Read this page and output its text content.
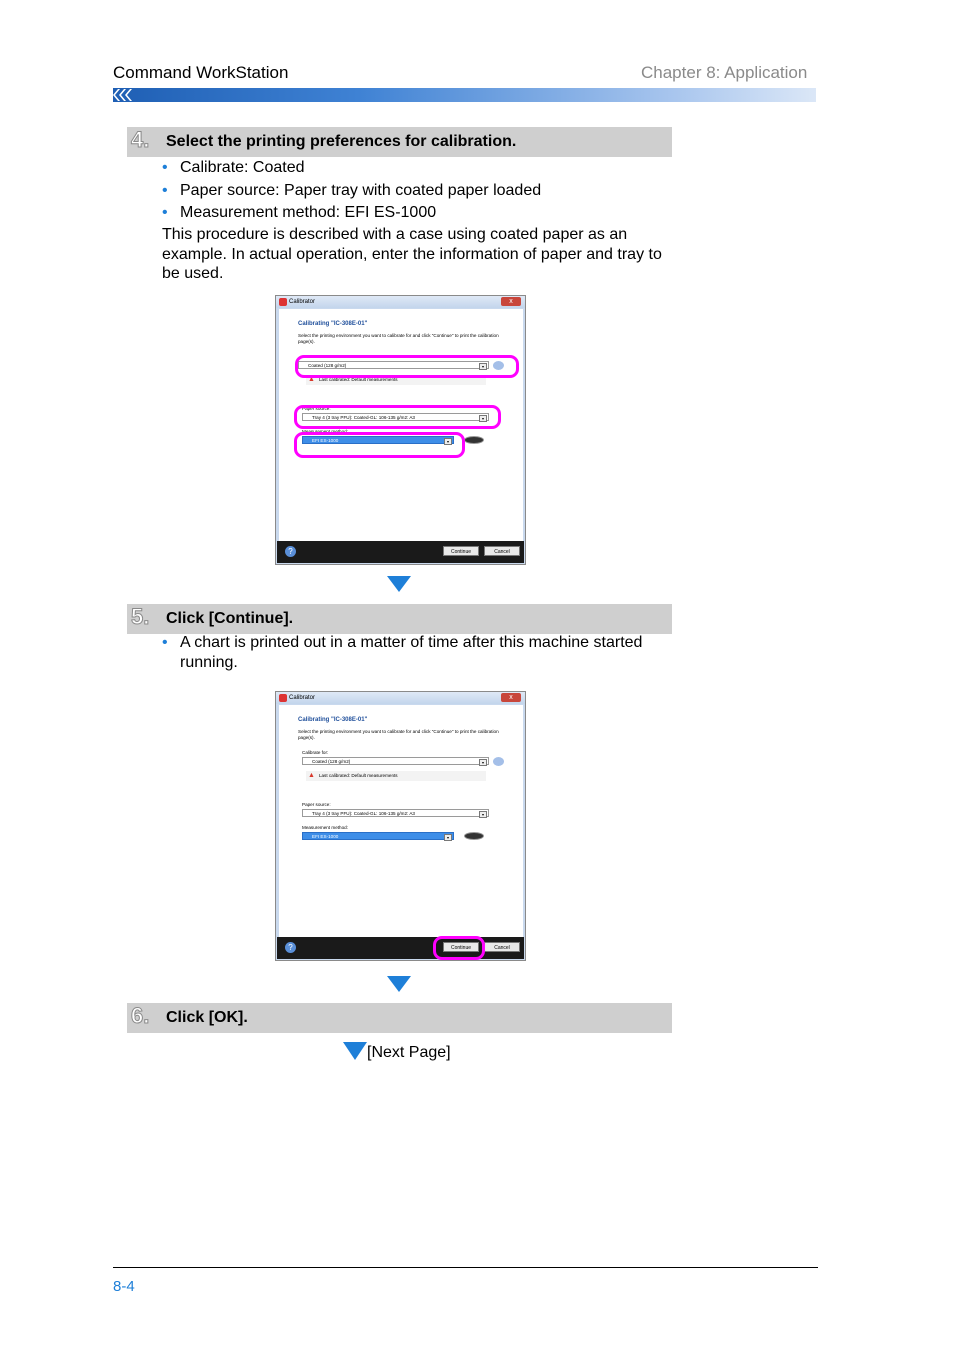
Command WorkStation	Chapter 8: Application
4. Select the printing preferences for calibration.
• Calibrate: Coated
• Paper source: Paper tray with coated paper loaded
• Measurement method: EFI ES-1000
This procedure is described with a case using coated paper as an example. In actual operation, enter the information of paper and tray to be used.
Calibrator	x
Calibrating "IC-308E-01"
Select the printing environment you want to calibrate for and click "Continue" to print the calibration page(s).
Coated (128 g/m2)	▾
▲ Last calibrated: Default measurements
Paper source:
Tray 4 (3 tray PFU): Coated-GL: 106-135 g/m2: A3	▾
Measurement method:
EFI ES-1000	▾
?	Continue	Cancel
5. Click [Continue].
• A chart is printed out in a matter of time after this machine started running.
Calibrator	x
Calibrating "IC-308E-01"
Select the printing environment you want to calibrate for and click "Continue" to print the calibration page(s).
Calibrate for:
Coated (128 g/m2)	▾
▲ Last calibrated: Default measurements
Paper source:
Tray 4 (3 tray PFU): Coated-GL: 106-135 g/m2: A3	▾
Measurement method:
EFI ES-1000	▾
?	Continue	Cancel
6. Click [OK].
[Next Page]
8-4
